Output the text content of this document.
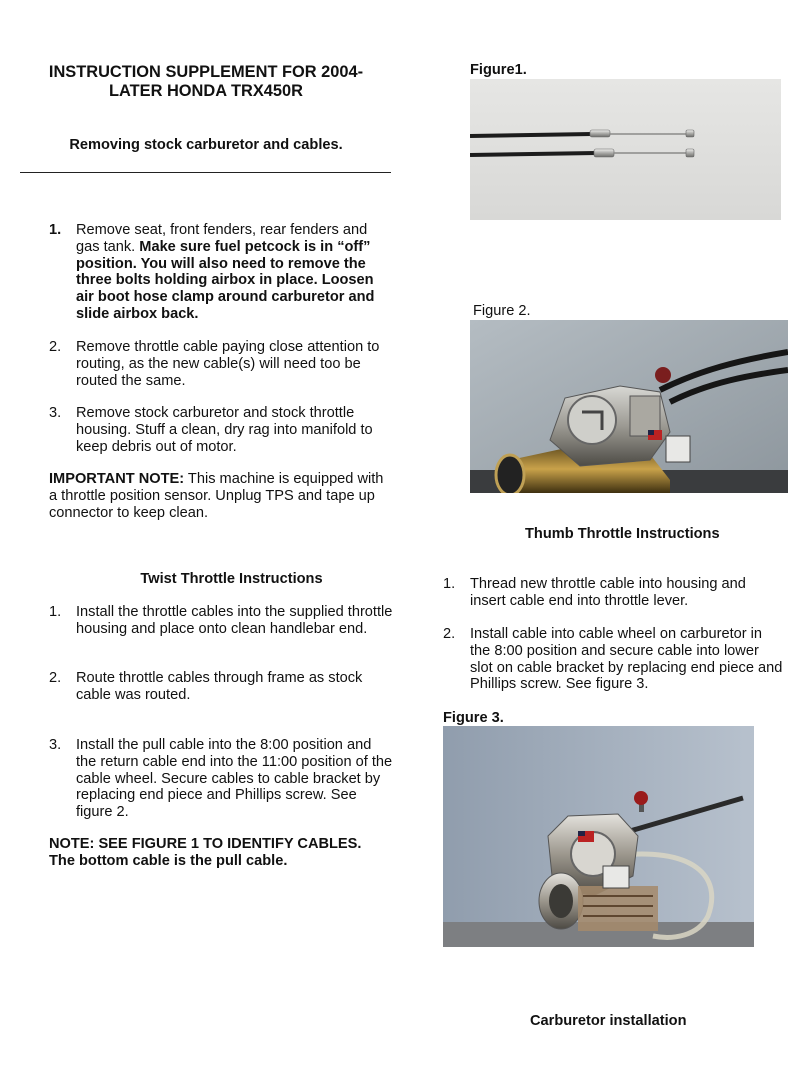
INSTRUCTION SUPPLEMENT FOR 2004-
LATER HONDA TRX450R
Removing stock carburetor and cables.
1. Remove seat, front fenders, rear fenders and gas tank. Make sure fuel petcock is in “off” position. You will also need to remove the three bolts holding airbox in place. Loosen air boot hose clamp around carburetor and slide airbox back.
2. Remove throttle cable paying close attention to routing, as the new cable(s) will need too be routed the same.
3. Remove stock carburetor and stock throttle housing. Stuff a clean, dry rag into manifold to keep debris out of motor.
IMPORTANT NOTE: This machine is equipped with a throttle position sensor. Unplug TPS and tape up connector to keep clean.
Twist Throttle Instructions
1. Install the throttle cables into the supplied throttle housing and place onto clean handlebar end.
2. Route throttle cables through frame as stock cable was routed.
3. Install the pull cable into the 8:00 position and the return cable end into the 11:00 position of the cable wheel. Secure cables to cable bracket by replacing end piece and Phillips screw. See figure 2.
NOTE: SEE FIGURE 1 TO IDENTIFY CABLES.
The bottom cable is the pull cable.
Figure1.
Figure 2.
Thumb Throttle Instructions
1. Thread new throttle cable into housing and insert cable end into throttle lever.
2. Install cable into cable wheel on carburetor in the 8:00 position and secure cable into lower slot on cable bracket by replacing end piece and Phillips screw. See figure 3.
Figure 3.
Carburetor installation
